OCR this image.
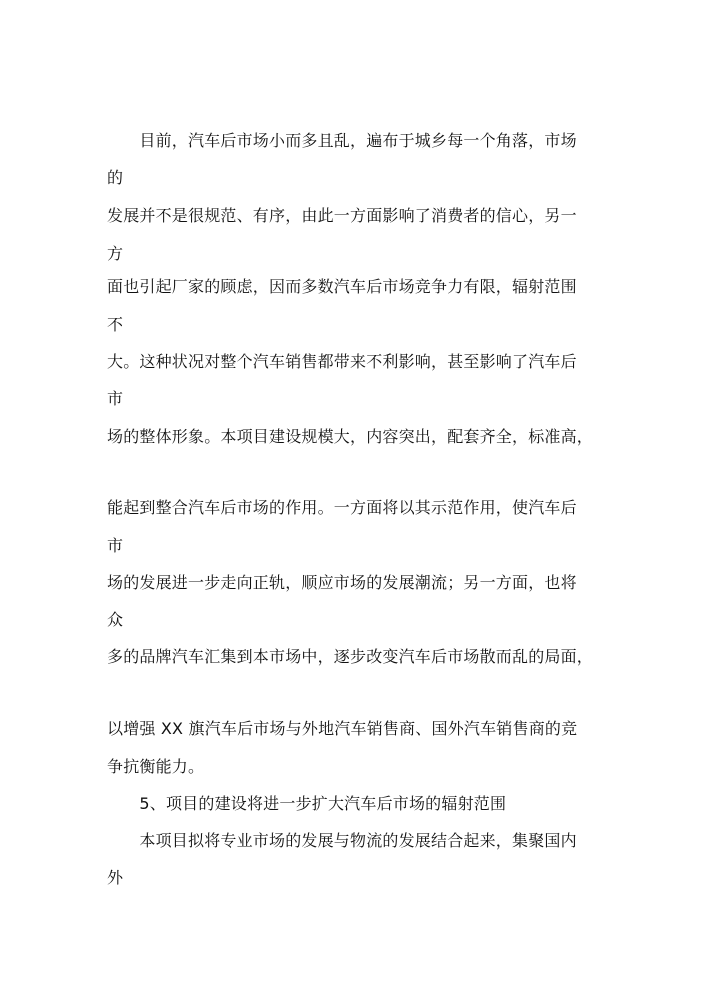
　　目前，汽车后市场小而多且乱，遍布于城乡每一个角落，市场
的
发展并不是很规范、有序，由此一方面影响了消费者的信心，另一
方
面也引起厂家的顾虑，因而多数汽车后市场竞争力有限，辐射范围
不
大。这种状况对整个汽车销售都带来不利影响，甚至影响了汽车后
市
场的整体形象。本项目建设规模大，内容突出，配套齐全，标准高，
能起到整合汽车后市场的作用。一方面将以其示范作用，使汽车后
市
场的发展进一步走向正轨，顺应市场的发展潮流；另一方面，也将
众
多的品牌汽车汇集到本市场中，逐步改变汽车后市场散而乱的局面，
以增强 XX 旗汽车后市场与外地汽车销售商、国外汽车销售商的竞
争抗衡能力。
　　5、项目的建设将进一步扩大汽车后市场的辐射范围
　　本项目拟将专业市场的发展与物流的发展结合起来，集聚国内
外
